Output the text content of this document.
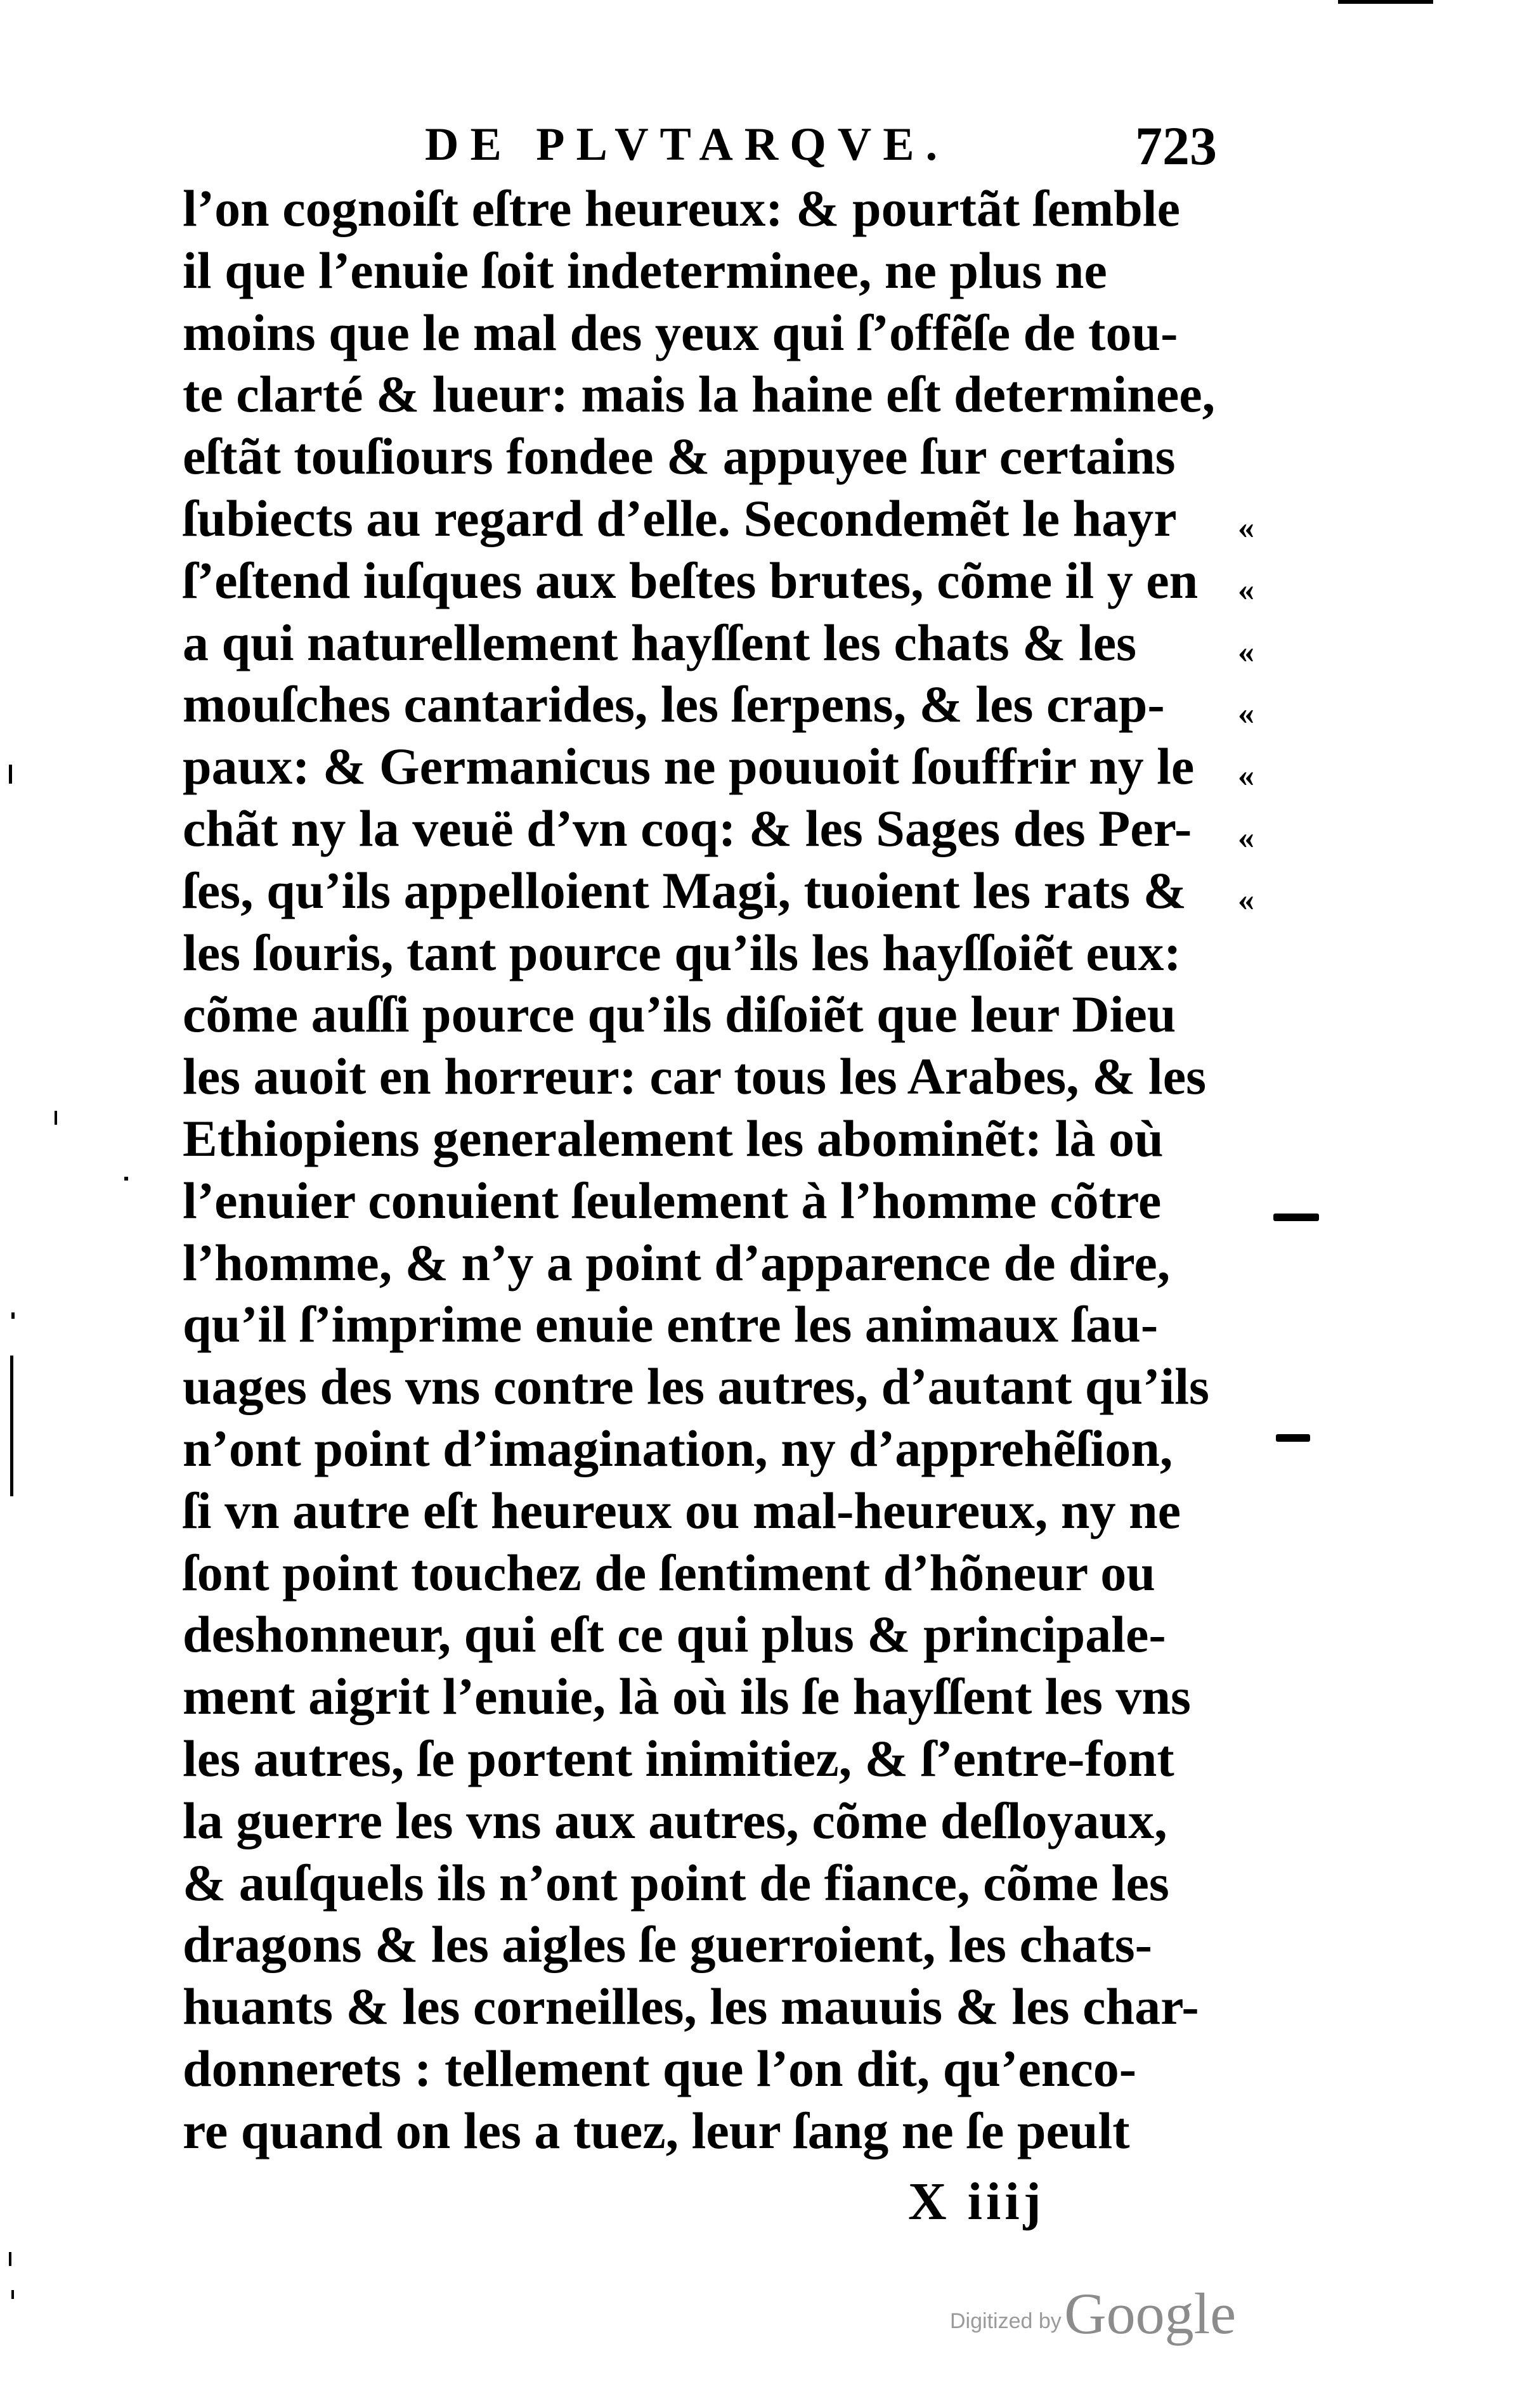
DE PLVTARQVE.	723
l’on cognoiſt eſtre heureux: & pourtãt ſemble
il que l’enuie ſoit indeterminee, ne plus ne
moins que le mal des yeux qui ſ’offẽſe de tou-
te clarté & lueur: mais la haine eſt determinee,
eſtãt touſiours fondee & appuyee ſur certains
ſubiects au regard d’elle. Secondemẽt le hayr
ſ’eſtend iuſques aux beſtes brutes, cõme il y en
a qui naturellement hayſſent les chats & les
mouſches cantarides, les ſerpens, & les crap-
paux: & Germanicus ne pouuoit ſouffrir ny le
chãt ny la veuë d’vn coq: & les Sages des Per-
ſes, qu’ils appelloient Magi, tuoient les rats &
les ſouris, tant pource qu’ils les hayſſoiẽt eux:
cõme auſſi pource qu’ils diſoiẽt que leur Dieu
les auoit en horreur: car tous les Arabes, & les
Ethiopiens generalement les abominẽt: là où
l’enuier conuient ſeulement à l’homme cõtre
l’homme, & n’y a point d’apparence de dire,
qu’il ſ’imprime enuie entre les animaux ſau-
uages des vns contre les autres, d’autant qu’ils
n’ont point d’imagination, ny d’apprehẽſion,
ſi vn autre eſt heureux ou mal-heureux, ny ne
ſont point touchez de ſentiment d’hõneur ou
deshonneur, qui eſt ce qui plus & principale-
ment aigrit l’enuie, là où ils ſe hayſſent les vns
les autres, ſe portent inimitiez, & ſ’entre-font
la guerre les vns aux autres, cõme deſloyaux,
& auſquels ils n’ont point de fiance, cõme les
dragons & les aigles ſe guerroient, les chats-
huants & les corneilles, les mauuis & les char-
donnerets : tellement que l’on dit, qu’enco-
re quand on les a tuez, leur ſang ne ſe peult
«
«
«
«
«
«
«
X iiij
Digitized by Google
